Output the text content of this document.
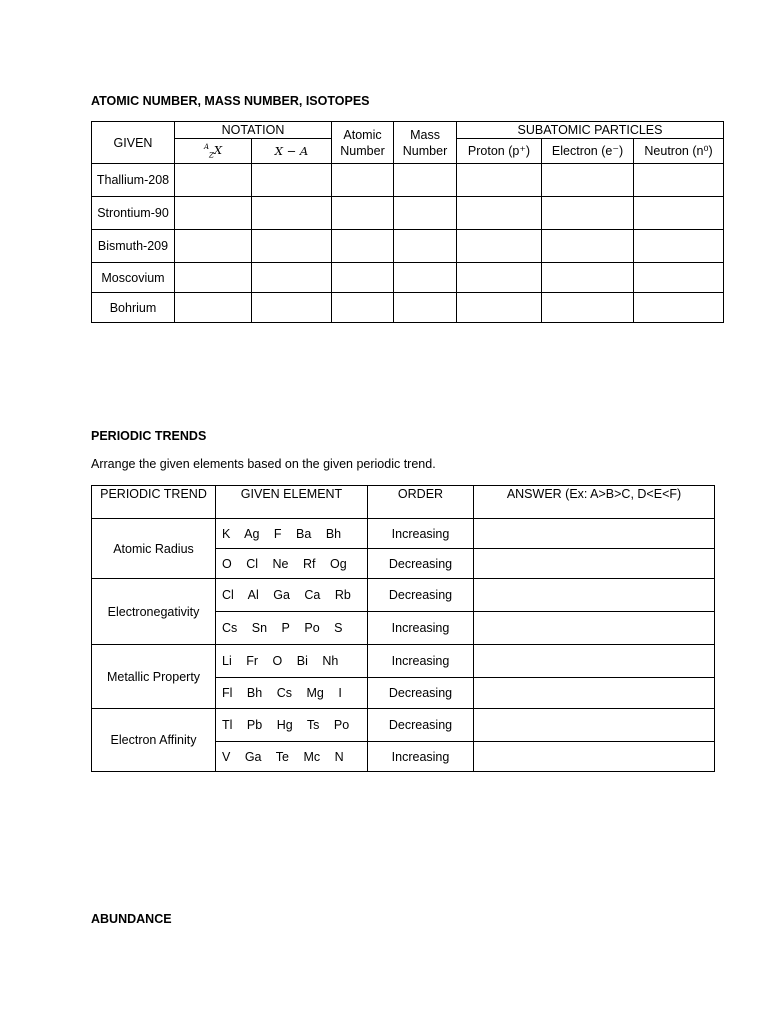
ATOMIC NUMBER, MASS NUMBER, ISOTOPES
GIVEN	NOTATION		Atomic Number	Mass Number	SUBATOMIC PARTICLES		
	$^A_Z$X	X − A			Proton (p⁺)	Electron (e⁻)	Neutron (n⁰)
Thallium-208							
Strontium-90							
Bismuth-209							
Moscovium							
Bohrium							
PERIODIC TRENDS
Arrange the given elements based on the given periodic trend.
PERIODIC TREND	GIVEN ELEMENT	ORDER	ANSWER (Ex: A>B>C, D<E<F)
Atomic Radius	K Ag F Ba Bh	Increasing	
	O Cl Ne Rf Og	Decreasing	
Electronegativity	Cl Al Ga Ca Rb	Decreasing	
	Cs Sn P Po S	Increasing	
Metallic Property	Li Fr O Bi Nh	Increasing	
	Fl Bh Cs Mg I	Decreasing	
Electron Affinity	Tl Pb Hg Ts Po	Decreasing	
	V Ga Te Mc N	Increasing	
ABUNDANCE
